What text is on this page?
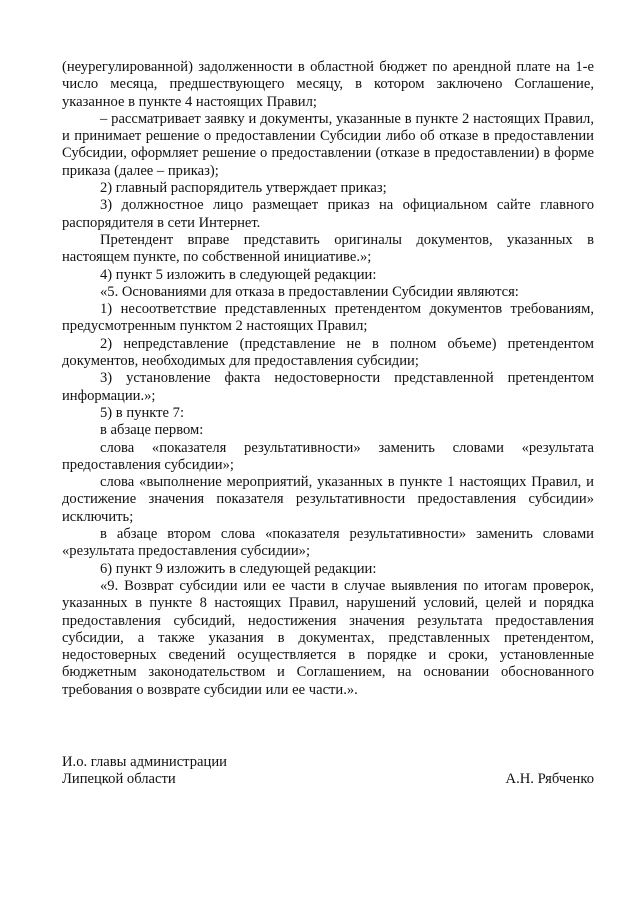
(неурегулированной) задолженности в областной бюджет по арендной плате на 1-е число месяца, предшествующего месяцу, в котором заключено Соглашение, указанное в пункте 4 настоящих Правил;

– рассматривает заявку и документы, указанные в пункте 2 настоящих Правил, и принимает решение о предоставлении Субсидии либо об отказе в предоставлении Субсидии, оформляет решение о предоставлении (отказе в предоставлении) в форме приказа (далее – приказ);

2) главный распорядитель утверждает приказ;

3) должностное лицо размещает приказ на официальном сайте главного распорядителя в сети Интернет.

Претендент вправе представить оригиналы документов, указанных в настоящем пункте, по собственной инициативе.»;

4) пункт 5 изложить в следующей редакции:

«5. Основаниями для отказа в предоставлении Субсидии являются:

1) несоответствие представленных претендентом документов требованиям, предусмотренным пунктом 2 настоящих Правил;

2) непредставление (представление не в полном объеме) претендентом документов, необходимых для предоставления субсидии;

3) установление факта недостоверности представленной претендентом информации.»;

5) в пункте 7:

в абзаце первом:

слова «показателя результативности» заменить словами «результата предоставления субсидии»;

слова «выполнение мероприятий, указанных в пункте 1 настоящих Правил, и достижение значения показателя результативности предоставления субсидии» исключить;

в абзаце втором слова «показателя результативности» заменить словами «результата предоставления субсидии»;

6) пункт 9 изложить в следующей редакции:

«9. Возврат субсидии или ее части в случае выявления по итогам проверок, указанных в пункте 8 настоящих Правил, нарушений условий, целей и порядка предоставления субсидий, недостижения значения результата предоставления субсидии, а также указания в документах, представленных претендентом, недостоверных сведений осуществляется в порядке и сроки, установленные бюджетным законодательством и Соглашением, на основании обоснованного требования о возврате субсидии или ее части.».

И.о. главы администрации
Липецкой области	А.Н. Рябченко
